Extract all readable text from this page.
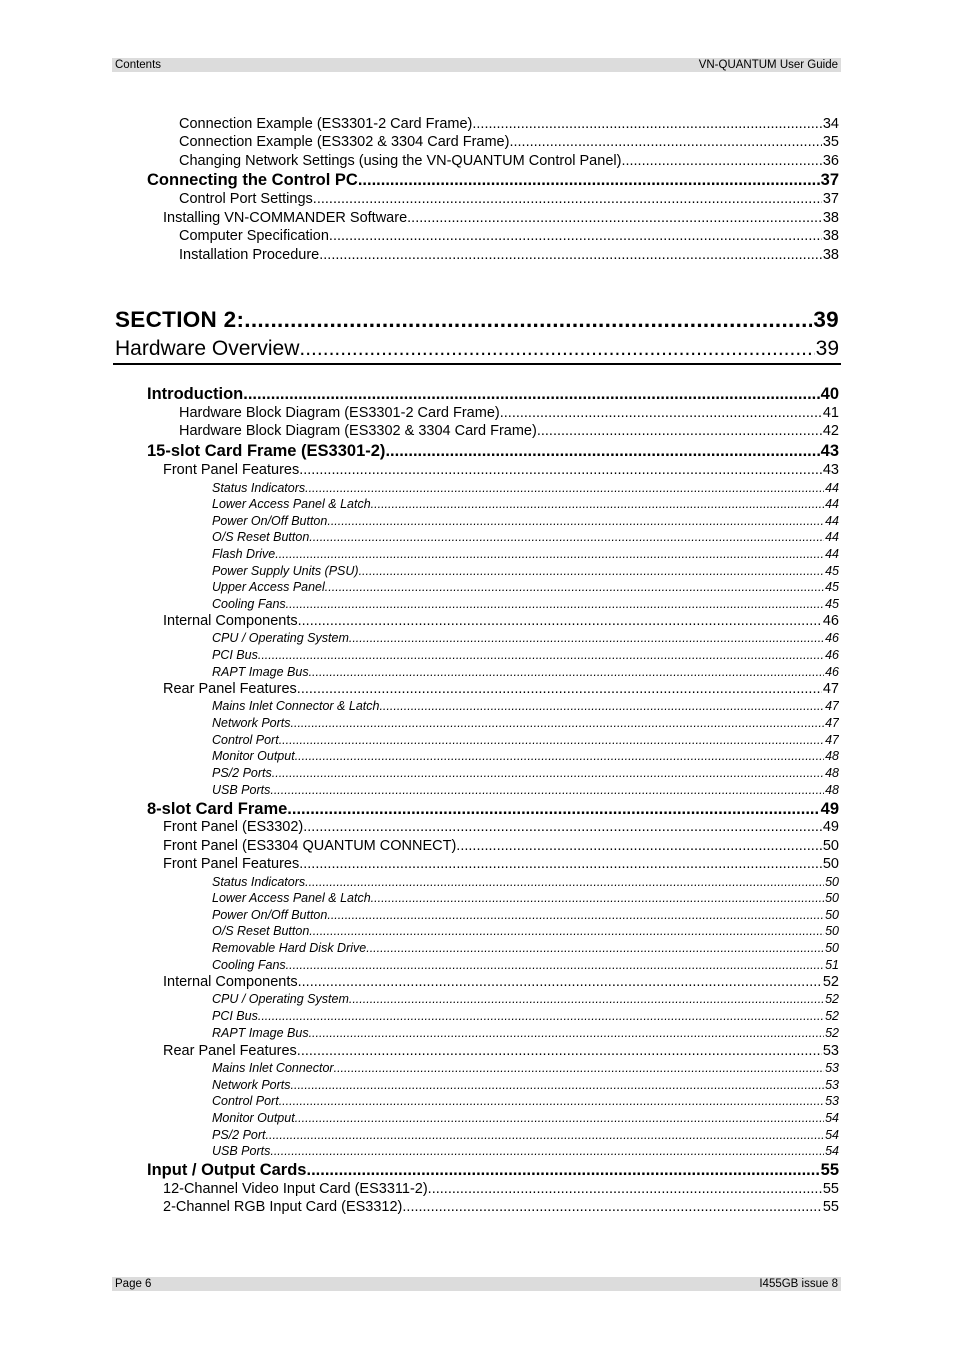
Contents	VN-QUANTUM User Guide
Connection Example (ES3301-2 Card Frame) .....	34
Connection Example (ES3302 & 3304 Card Frame) .....	35
Changing Network Settings (using the VN-QUANTUM Control Panel) .....	36
Connecting the Control PC .....	37
Control Port Settings .....	37
Installing VN-COMMANDER Software .....	38
Computer Specification .....	38
Installation Procedure .....	38
SECTION 2: .....	39
Hardware Overview .....	39
Introduction .....	40
Hardware Block Diagram (ES3301-2 Card Frame) .....	41
Hardware Block Diagram (ES3302 & 3304 Card Frame) .....	42
15-slot Card Frame (ES3301-2) .....	43
Front Panel Features .....	43
Status Indicators .....	44
Lower Access Panel & Latch .....	44
Power On/Off Button .....	44
O/S Reset Button .....	44
Flash Drive .....	44
Power Supply Units (PSU) .....	45
Upper Access Panel .....	45
Cooling Fans .....	45
Internal Components .....	46
CPU / Operating System .....	46
PCI Bus .....	46
RAPT Image Bus .....	46
Rear Panel Features .....	47
Mains Inlet Connector & Latch .....	47
Network Ports .....	47
Control Port .....	47
Monitor Output .....	48
PS/2 Ports .....	48
USB Ports .....	48
8-slot Card Frame .....	49
Front Panel (ES3302) .....	49
Front Panel (ES3304 QUANTUM CONNECT) .....	50
Front Panel Features .....	50
Status Indicators .....	50
Lower Access Panel & Latch .....	50
Power On/Off Button .....	50
O/S Reset Button .....	50
Removable Hard Disk Drive .....	50
Cooling Fans .....	51
Internal Components .....	52
CPU / Operating System .....	52
PCI Bus .....	52
RAPT Image Bus .....	52
Rear Panel Features .....	53
Mains Inlet Connector .....	53
Network Ports .....	53
Control Port .....	53
Monitor Output .....	54
PS/2 Port .....	54
USB Ports .....	54
Input / Output Cards .....	55
12-Channel Video Input Card (ES3311-2) .....	55
2-Channel RGB Input Card (ES3312) .....	55
Page 6	I455GB issue 8
